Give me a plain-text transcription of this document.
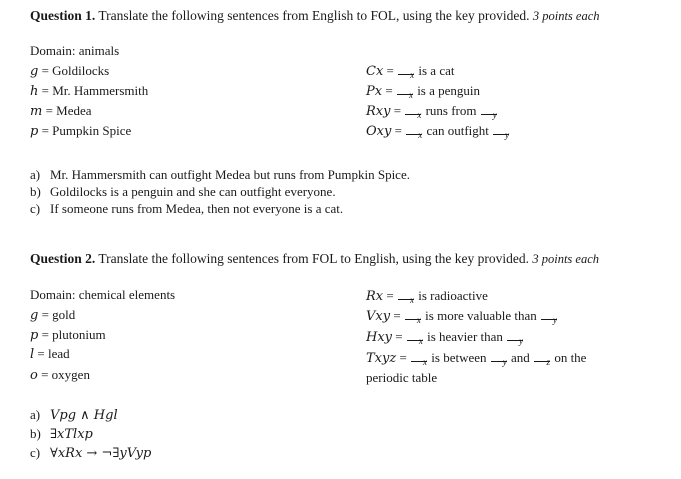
Question 1. Translate the following sentences from English to FOL, using the key provided. 3 points each
Domain: animals
g = Goldilocks
h = Mr. Hammersmith
m = Medea
p = Pumpkin Spice
Cx = x is a cat
Px = x is a penguin
Rxy = x runs from y
Oxy = x can outfight y
a) Mr. Hammersmith can outfight Medea but runs from Pumpkin Spice.
b) Goldilocks is a penguin and she can outfight everyone.
c) If someone runs from Medea, then not everyone is a cat.
Question 2. Translate the following sentences from FOL to English, using the key provided. 3 points each
Domain: chemical elements
g = gold
p = plutonium
l = lead
o = oxygen
Rx = x is radioactive
Vxy = x is more valuable than y
Hxy = x is heavier than y
Txyz = x is between y and z on the
periodic table
a) Vpg ∧ Hgl
b) ∃xTlxp
c) ∀xRx → ¬∃yVyp
